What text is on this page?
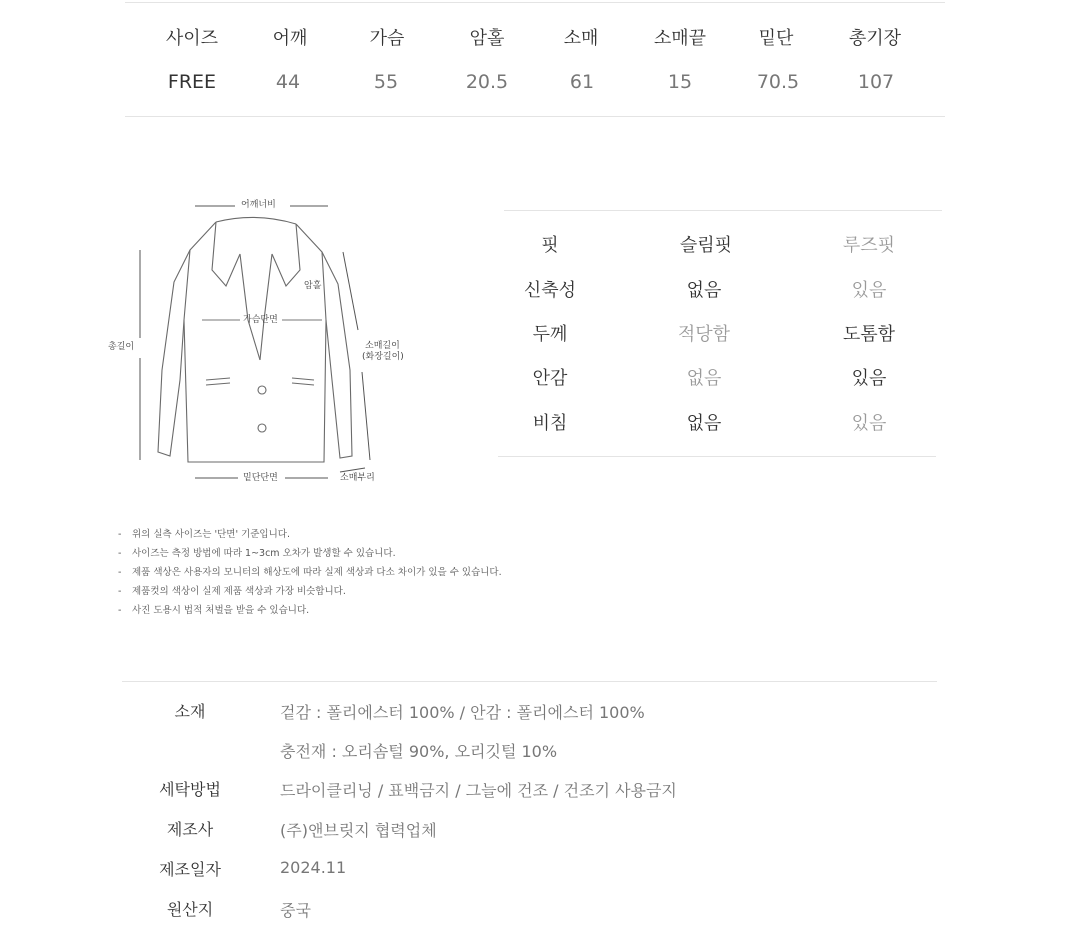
사이즈	어깨	가슴	암홀	소매	소매끝	밑단	총기장
FREE	44	55	20.5	61	15	70.5	107
어깨너비
암홀
가슴단면
총길이	소매길이
(화장길이)
밑단단면	소매부리
핏	슬림핏	루즈핏
신축성	없음	있음
두께	적당함	도톰함
안감	없음	있음
비침	없음	있음
- 위의 실측 사이즈는 '단면' 기준입니다.
- 사이즈는 측정 방법에 따라 1~3cm 오차가 발생할 수 있습니다.
- 제품 색상은 사용자의 모니터의 해상도에 따라 실제 색상과 다소 차이가 있을 수 있습니다.
- 제품컷의 색상이 실제 제품 색상과 가장 비슷합니다.
- 사진 도용시 법적 처벌을 받을 수 있습니다.
소재	겉감 : 폴리에스터 100% / 안감 : 폴리에스터 100%
충전재 : 오리솜털 90%, 오리깃털 10%
세탁방법	드라이클리닝 / 표백금지 / 그늘에 건조 / 건조기 사용금지
제조사	(주)앤브릿지 협력업체
제조일자	2024.11
원산지	중국
